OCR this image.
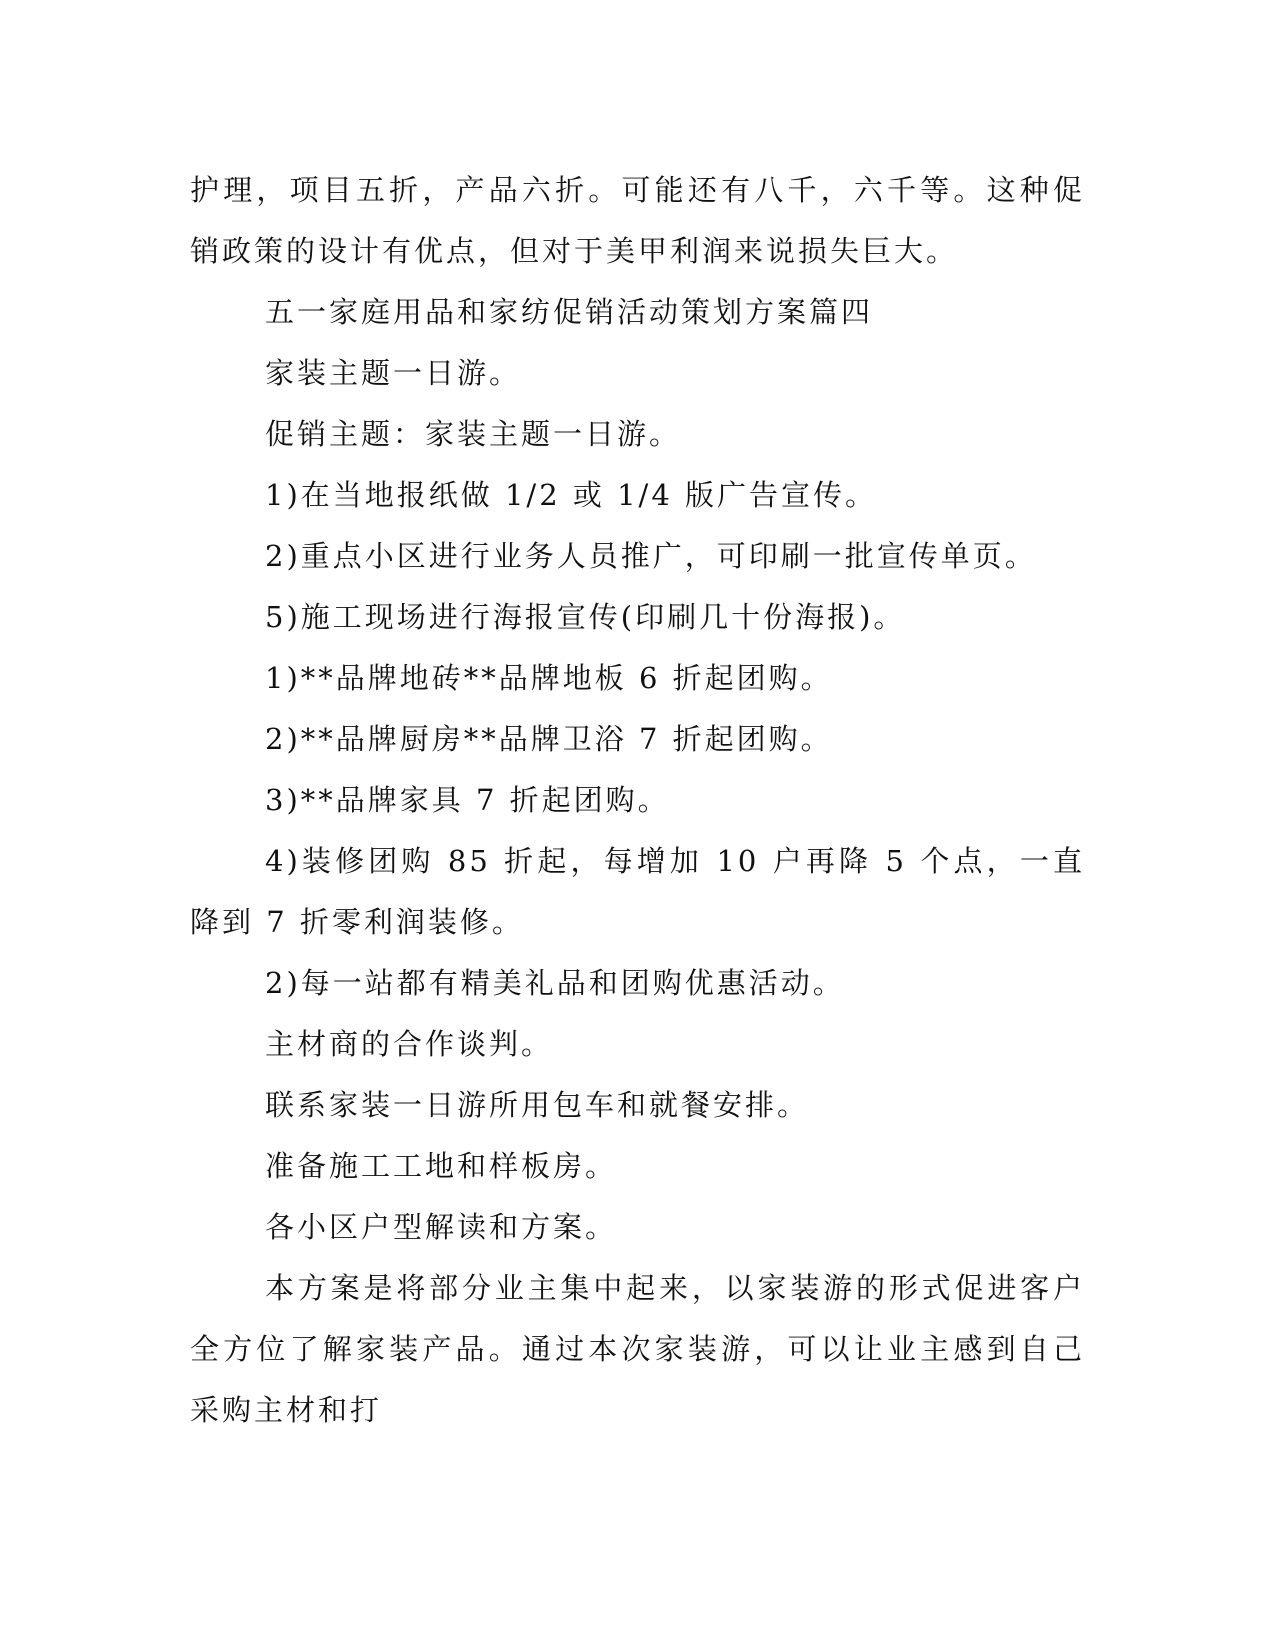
护理，项目五折，产品六折。可能还有八千，六千等。这种促销政策的设计有优点，但对于美甲利润来说损失巨大。

五一家庭用品和家纺促销活动策划方案篇四

家装主题一日游。

促销主题：家装主题一日游。

1)在当地报纸做 1/2 或 1/4 版广告宣传。

2)重点小区进行业务人员推广，可印刷一批宣传单页。

5)施工现场进行海报宣传(印刷几十份海报)。

1)**品牌地砖**品牌地板 6 折起团购。

2)**品牌厨房**品牌卫浴 7 折起团购。

3)**品牌家具 7 折起团购。

4)装修团购 85 折起，每增加 10 户再降 5 个点，一直降到 7 折零利润装修。

2)每一站都有精美礼品和团购优惠活动。

主材商的合作谈判。

联系家装一日游所用包车和就餐安排。

准备施工工地和样板房。

各小区户型解读和方案。

本方案是将部分业主集中起来，以家装游的形式促进客户全方位了解家装产品。通过本次家装游，可以让业主感到自己采购主材和打
